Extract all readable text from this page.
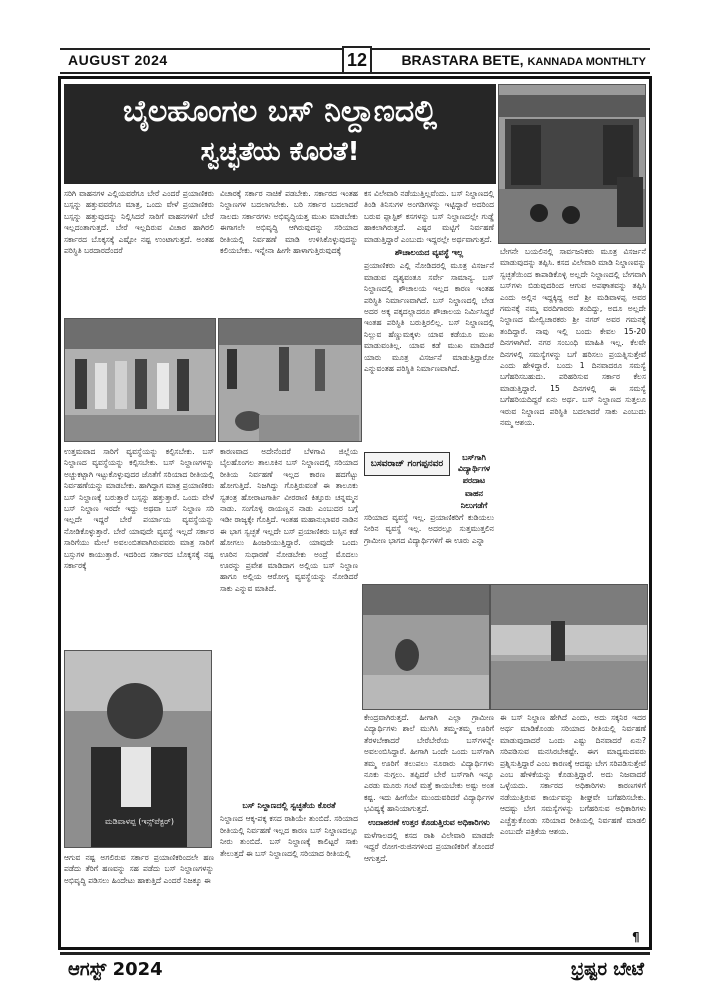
AUGUST 2024	12	BRASTARA BETE, KANNADA MONTHLTY
ಬೈಲಹೊಂಗಲ ಬಸ್ ನಿಲ್ದಾಣದಲ್ಲಿ
ಸ್ವಚ್ಛತೆಯ ಕೊರತೆ!

ಸರಿಗಿ ವಾಹನಗಳ ಎಲ್ಲಿಯವರೆಗೂ ಬೇರೆ ಎಂದರೆ ಪ್ರಯಾಣಿಕರು ಬಸ್ಸನ್ನು ಹತ್ತುವವರೆಗೂ ಮಾತ್ರ, ಒಂದು ವೇಳೆ ಪ್ರಯಾಣಿಕರು ಬಸ್ಸನ್ನು ಹತ್ತುವುದನ್ನು ನಿಲ್ಲಿಸಿದರೆ ಸಾರಿಗೆ ವಾಹನಗಳಿಗೆ ಬೇರೆ ಇಲ್ಲದಂತಾಗುತ್ತದೆ. ಬೇರೆ ಇಲ್ಲದಿರುವ ವಿಚಾರ ಹಾಗಿರಲಿ ಸರ್ಕಾರದ ಬೊಕ್ಕಸಕ್ಕೆ ಎಷ್ಟೋ ನಷ್ಟ ಉಂಟಾಗುತ್ತದೆ. ಅಂತಹ ಪರಿಸ್ಥಿತಿ ಬರದಾರದೆಂದರೆ

ವಿಚಾರಕ್ಕೆ ಸರ್ಕಾರ ನಾಚಿಕೆ ಪಡಬೇಕು. ಸರ್ಕಾರದ ಇಂತಹ ನಿಲ್ದಾಣಗಳ ಬದಲಾಗಬೇಕು. ಬರಿ ಸರ್ಕಾರ ಬದಲಾದರೆ ಸಾಲದು ಸರ್ಕಾರಗಳು ಅಭಿವೃದ್ಧಿಯತ್ತ ಮುಖ ಮಾಡಬೇಕು ಈಗಾಗಲೇ ಅಭಿವೃದ್ಧಿ ಆಗಿರುವುದನ್ನು ಸರಿಯಾದ ರೀತಿಯಲ್ಲಿ ನಿರ್ವಹಣೆ ಮಾಡಿ ಉಳಿಸಿಕೊಳ್ಳುವುದನ್ನು ಕಲಿಯಬೇಕು. ಇನ್ನೇನಾ ಹೀಗೇ ಹಾಳಾಗುತ್ತಿರುವುದಕ್ಕೆ

ಕಸ ವಿಲೇವಾರಿ ನಡೆಯುತ್ತಿಲ್ಲವೆಂದು. ಬಸ್ ನಿಲ್ದಾಣದಲ್ಲಿ ತಿಂಡಿ ತಿನಿಸುಗಳ ಅಂಗಡಿಗಳನ್ನು ಇಟ್ಟಿದ್ದಾರೆ ಅದರಿಂದ ಬರುವ ಪ್ಲಾಸ್ಟಿಕ್ ಕಸಗಳನ್ನು ಬಸ್ ನಿಲ್ದಾಣದಲ್ಲೇ ಗುಡ್ಡೆ ಹಾಕಲಾಗಿರುತ್ತದೆ. ಎಷ್ಟರ ಮಟ್ಟಿಗೆ ನಿರ್ವಹಣೆ ಮಾಡುತ್ತಿದ್ದಾರೆ ಎಂಬುದು ಇದ್ದರಲ್ಲೇ ಅರ್ಥವಾಗುತ್ತದೆ.

ಶೌಚಾಲಯದ ವ್ಯವಸ್ಥೆ ಇಲ್ಲ

ಪ್ರಯಾಣಿಕರು ಎಲ್ಲಿ ನೋಡಿದರಲ್ಲಿ ಮೂತ್ರ ವಿಸರ್ಜನೆ ಮಾಡುವ ದೃಶ್ಯವಂತೂ ಸರ್ವೇ ಸಾಮಾನ್ಯ. ಬಸ್ ನಿಲ್ದಾಣದಲ್ಲಿ ಶೌಚಾಲಯ ಇಲ್ಲದ ಕಾರಣ ಇಂತಹ ಪರಿಸ್ಥಿತಿ ನಿರ್ಮಾಣವಾಗಿದೆ. ಬಸ್ ನಿಲ್ದಾಣದಲ್ಲಿ ಬೇಡ ಅದರ ಅಕ್ಕ ಪಕ್ಕದಲ್ಲಾದರೂ ಶೌಚಾಲಯ ನಿರ್ಮಿಸಿದ್ದರೆ ಇಂತಹ ಪರಿಸ್ಥಿತಿ ಬರುತ್ತಿರಲಿಲ್ಲ. ಬಸ್ ನಿಲ್ದಾಣದಲ್ಲಿ ನಿಲ್ಲುವ ಹೆಣ್ಣುಮಕ್ಕಳು ಯಾವ ಕಡೆಯೂ ಮುಖ ಮಾಡುವಂತಿಲ್ಲ. ಯಾವ ಕಡೆ ಮುಖ ಮಾಡಿದರೆ ಯಾರು ಮೂತ್ರ ವಿಸರ್ಜನೆ ಮಾಡುತ್ತಿದ್ದಾರೋ ಎನ್ನುವಂತಹ ಪರಿಸ್ಥಿತಿ ನಿರ್ಮಾಣವಾಗಿದೆ.

ಬೇಗನೇ ಬಯಲಿನಲ್ಲಿ ಸಾರ್ವಜನಿಕರು ಮೂತ್ರ ವಿಸರ್ಜನೆ ಮಾಡುವುದನ್ನು ತಪ್ಪಿಸಿ. ಕಸದ ವಿಲೇವಾರಿ ಮಾಡಿ ನಿಲ್ದಾಣವನ್ನು ಸ್ವಚ್ಛತೆಯಿಂದ ಕಾಪಾಡಿಕೊಳ್ಳಿ ಅಲ್ಲದೇ ನಿಲ್ದಾಣದಲ್ಲಿ ಬೇಗವಾಗಿ ಬಸ್‌ಗಳು ಬಿಡುವುದರಿಂದ ಆಗುವ ಅಪಘಾತವನ್ನು ತಪ್ಪಿಸಿ ಎಂದು ಅಲ್ಲಿನ ಇದ್ದಕ್ಕಿದ್ದ ಅದೆ ಶ್ರೀ ಮಡಿವಾಳಪ್ಪ ಅವರ ಗಮನಕ್ಕೆ ನಮ್ಮ ವರದಿಗಾರರು ತಂದಿದ್ದು, ಅದೂ ಅಲ್ಲದೇ ನಿಲ್ದಾಣದ ಮೇಲ್ವಿಚಾರಕರು ಶ್ರೀ ನಗರ್ ಅವರ ಗಮನಕ್ಕೆ ತಂದಿದ್ದಾರೆ. ನಾವು ಇಲ್ಲಿ ಬಂದು ಕೇವಲ 15-20 ದಿನಗಳಾಗಿವೆ. ನಗರ ಸಂಬಂಧಿ ಮಾಹಿತಿ ಇಲ್ಲ. ಕೆಲವೇ ದಿನಗಳಲ್ಲಿ ಸಮಸ್ಯೆಗಳನ್ನು ಬಗೆ ಹರಿಸಲು ಪ್ರಯತ್ನಿಸುತ್ತೇವೆ ಎಂದು ಹೇಳಿದ್ದಾರೆ. ಬಂದು 1 ದಿನವಾದರೂ ಸಮಸ್ಯೆ ಬಗೆಹರಿಸಬಹುದು. ಪರಿಹರಿಸುವ ಸರ್ಕಾರ ಕೆಲಸ ಮಾಡುತ್ತಿದ್ದಾರೆ. 15 ದಿನಗಳಲ್ಲಿ ಈ ಸಮಸ್ಯೆ ಬಗೆಹರಿಯದಿದ್ದರೆ ಏನು ಅರ್ಥ. ಬಸ್ ನಿಲ್ದಾಣದ ಸುತ್ತಲೂ ಇರುವ ನಿಲ್ದಾಣದ ಪರಿಸ್ಥಿತಿ ಬದಲಾದರೆ ಸಾಕು ಎಂಬುದು ನಮ್ಮ ಆಶಯ.

ಉತ್ತಮವಾದ ಸಾರಿಗೆ ವ್ಯವಸ್ಥೆಯನ್ನು ಕಲ್ಪಿಸಬೇಕು. ಬಸ್ ನಿಲ್ದಾಣದ ವ್ಯವಸ್ಥೆಯನ್ನು ಕಲ್ಪಿಸಬೇಕು. ಬಸ್ ನಿಲ್ದಾಣಗಳನ್ನು ಅಚ್ಚುಕಟ್ಟಾಗಿ ಇಟ್ಟುಕೊಳ್ಳುವುದರ ಜೊತೆಗೆ ಸರಿಯಾದ ರೀತಿಯಲ್ಲಿ ನಿರ್ವಹಣೆಯನ್ನು ಮಾಡಬೇಕು. ಹಾಗಿದ್ದಾಗ ಮಾತ್ರ ಪ್ರಯಾಣಿಕರು ಬಸ್ ನಿಲ್ದಾಣಕ್ಕೆ ಬರುತ್ತಾರೆ ಬಸ್ಸನ್ನು ಹತ್ತುತ್ತಾರೆ. ಒಂದು ವೇಳೆ ಬಸ್ ನಿಲ್ದಾಣ ಇರದೇ ಇದ್ದು ಅಥವಾ ಬಸ್ ನಿಲ್ದಾಣ ಸರಿ ಇಲ್ಲದೇ ಇದ್ದರೆ ಬೇರೆ ಪರ್ಯಾಯ ವ್ಯವಸ್ಥೆಯನ್ನು ನೋಡಿಕೊಳ್ಳುತ್ತಾರೆ. ಬೇರೆ ಯಾವುದೇ ವ್ಯವಸ್ಥೆ ಇಲ್ಲದೆ ಸರ್ಕಾರ ಸಾರಿಗೆಯು ಮೇಲೆ ಅವಲಂಬಿತವಾಗಿರುವವರು ಮಾತ್ರ ಸಾರಿಗೆ ಬಸ್ಸುಗಳ ಕಾಯುತ್ತಾರೆ. ಇದರಿಂದ ಸರ್ಕಾರದ ಬೊಕ್ಕಸಕ್ಕೆ ನಷ್ಟ ಸರ್ಕಾರಕ್ಕೆ

ಕಾರಣವಾದ ಅದೇನೆಂದರೆ ಬೆಳಗಾವಿ ಜಿಲ್ಲೆಯ ಬೈಲಹೊಂಗಲ ತಾಲೂಕಿನ ಬಸ್ ನಿಲ್ದಾಣದಲ್ಲಿ ಸರಿಯಾದ ರೀತಿಯ ನಿರ್ವಹಣೆ ಇಲ್ಲದ ಕಾರಣ ಹದಗೆಟ್ಟು ಹೋಗುತ್ತಿದೆ. ನಿಜಗಿದ್ದು ಗೊತ್ತಿರುವಂತೆ ಈ ತಾಲೂಕು ಸ್ವತಂತ್ರ ಹೋರಾಟಗಾರ್ತಿ ವೀರರಾಣಿ ಕಿತ್ತೂರು ಚನ್ನಮ್ಮನ ನಾಡು. ಸಂಗೊಳ್ಳಿ ರಾಯಣ್ಣನ ನಾಡು ಎಂಬುದರ ಬಗ್ಗೆ ಇಡೀ ರಾಜ್ಯಕ್ಕೇ ಗೊತ್ತಿದೆ. ಇಂತಹ ಮಹಾನುಭಾವರ ನಾಡಿನ ಈ ಭಾಗ ಸ್ವಚ್ಛತೆ ಇಲ್ಲದೇ ಬಸ್ ಪ್ರಯಾಣಿಕರು ಬಸ್ಸಿನ ಕಡೆ ಹೋಗಲು ಹಿಂಜರಿಯುತ್ತಿದ್ದಾರೆ. ಯಾವುದೇ ಒಂದು ಊರಿನ ಸುಧಾರಣೆ ನೋಡಬೇಕು ಅಂದ್ರೆ ಮೊದಲು ಊರನ್ನು ಪ್ರವೇಶ ಮಾಡಿದಾಗ ಅಲ್ಲಿಯ ಬಸ್ ನಿಲ್ದಾಣ ಹಾಗೂ ಅಲ್ಲಿಯ ಆರೋಗ್ಯ ವ್ಯವಸ್ಥೆಯನ್ನು ನೋಡಿದರೆ ಸಾಕು ಎನ್ನುವ ಮಾತಿದೆ.

ಬಸವರಾಜ್ ಗಂಗಪ್ಪನವರ
ಬಸ್‌ಗಾಗಿ ವಿದ್ಯಾರ್ಥಿಗಳ ಪರದಾಟ
ವಾಹನ ನಿಲುಗಡೆಗೆ

ಸರಿಯಾದ ವ್ಯವಸ್ಥೆ ಇಲ್ಲ. ಪ್ರಯಾಣಿಕರಿಗೆ ಕುಡಿಯಲು ನೀರಿನ ವ್ಯವಸ್ಥೆ ಇಲ್ಲ. ಅದರಲ್ಲೂ ಸುತ್ತಮುತ್ತಲಿನ ಗ್ರಾಮೀಣ ಭಾಗದ ವಿದ್ಯಾರ್ಥಿಗಳಿಗೆ ಈ ಊರು ಎನ್ನಾ

ಮಡಿವಾಳಪ್ಪ (ಇನ್ಸ್‌ಪೆಕ್ಟರ್)

ಆಗುವ ನಷ್ಟ ಅಗಲಿರುವ ಸರ್ಕಾರ ಪ್ರಯಾಣಿಕರಿಂದಲೇ ಹಣ ಪಡೆದು ತೆರಿಗೆ ಹಣವನ್ನು ಸಹ ಪಡೆದು ಬಸ್ ನಿಲ್ದಾಣಗಳನ್ನು ಅಭಿವೃದ್ಧಿ ಪಡಿಸಲು ಹಿಂದೇಟು ಹಾಕುತ್ತಿದೆ ಎಂದರೆ ನಿಜಕ್ಕೂ ಈ

ಬಸ್ ನಿಲ್ದಾಣದಲ್ಲಿ ಸ್ವಚ್ಛತೆಯ ಕೊರತೆ

ನಿಲ್ದಾಣದ ಆಕ್ಕ-ಪಕ್ಕ ಕಸದ ರಾಶಿಯೇ ತುಂಬಿದೆ. ಸರಿಯಾದ ರೀತಿಯಲ್ಲಿ ನಿರ್ವಹಣೆ ಇಲ್ಲದ ಕಾರಣ ಬಸ್ ನಿಲ್ದಾಣದಲ್ಲೂ ನೀರು ತುಂಬಿದೆ. ಬಸ್ ನಿಲ್ದಾಣಕ್ಕೆ ಕಾಲಿಟ್ಟರೆ ಸಾಕು ತೇಲುತ್ತದೆ ಈ ಬಸ್ ನಿಲ್ದಾಣದಲ್ಲಿ ಸರಿಯಾದ ರೀತಿಯಲ್ಲಿ

ಕೇಂದ್ರವಾಗಿರುತ್ತದೆ. ಹೀಗಾಗಿ ಎಲ್ಲಾ ಗ್ರಾಮೀಣ ವಿದ್ಯಾರ್ಥಿಗಳು ಶಾಲೆ ಮುಗಿಸಿ ತಮ್ಮ-ತಮ್ಮ ಊರಿಗೆ ತೆರಳಬೇಕಾದರೆ ಬೇರೆಬೇರೆಯ ಬಸ್‌ಗಳನ್ನೇ ಅವಲಂಬಿಸಿದ್ದಾರೆ. ಹೀಗಾಗಿ ಒಂದೇ ಒಂದು ಬಸ್‌ಗಾಗಿ ತಮ್ಮ ಊರಿಗೆ ತಲುಪಲು ನೂರಾರು ವಿದ್ಯಾರ್ಥಿಗಳು ನೂಕು ನುಗ್ಗಲು. ತಪ್ಪಿದರೆ ಬೇರೆ ಬಸ್‌ಗಾಗಿ ಇನ್ನೂ ಎರಡು ಮೂರು ಗಂಟೆ ಮತ್ತೆ ಕಾಯಬೇಕು ಅಷ್ಟು ಅಂತ ಕಷ್ಟ. ಇದು ಹೀಗೆಯೇ ಮುಂದುವರಿದರೆ ವಿದ್ಯಾರ್ಥಿಗಳ ಭವಿಷ್ಯಕ್ಕೆ ಹಾನಿಯಾಗುತ್ತದೆ.

ಉದಾಹರಣೆ ಉತ್ತರ ಕೊಡುತ್ತಿರುವ ಅಧಿಕಾರಿಗಳು

ಮಳೆಗಾಲದಲ್ಲಿ ಕಸದ ರಾಶಿ ವಿಲೇವಾರಿ ಮಾಡದೇ ಇದ್ದರೆ ರೋಗ-ರುಜಿನಗಳಿಂದ ಪ್ರಯಾಣಿಕರಿಗೆ ತೊಂದರೆ ಆಗುತ್ತದೆ.

ಈ ಬಸ್ ನಿಲ್ದಾಣ ಹೇಗಿದೆ ಎಂದು, ಅದು ಸಕ್ಕನಿರ ಇದರ ಅರ್ಥ ಮಾಡಿಕೊಂಡು ಸರಿಯಾದ ರೀತಿಯಲ್ಲಿ ನಿರ್ವಹಣೆ ಮಾಡುವುದಾದರೆ ಒಂದು ಎಷ್ಟು ದಿನವಾದರೆ ಏನು? ಸರಿಪಡಿಸುವ ಮನಸಿರಬೇಕಷ್ಟೇ. ಈಗ ಮಾಧ್ಯಮದವರು ಪ್ರಶ್ನಿಸುತ್ತಿದ್ದಾರೆ ಎಂಬ ಕಾರಣಕ್ಕೆ ಆದಷ್ಟು ಬೇಗ ಸರಿಪಡಿಸುತ್ತೇವೆ ಎಂಬ ಹೇಳಿಕೆಯನ್ನು ಕೊಡುತ್ತಿದ್ದಾರೆ. ಅದು ನಿಜವಾದರೆ ಒಳ್ಳೆಯದು. ಸರ್ಕಾರದ ಅಧಿಕಾರಿಗಳು ಕಾರಣಗಳಿಗೆ ನಡೆಯುತ್ತಿರುವ ಕಾರ್ಯವನ್ನು ಶೀಘ್ರವೇ ಬಗೆಹರಿಸಬೇಕು. ಆದಷ್ಟು ಬೇಗ ಸಮಸ್ಯೆಗಳನ್ನು ಬಗೆಹರಿಸುವ ಅಧಿಕಾರಿಗಳು ಎಚ್ಚೆತ್ತುಕೊಂಡು ಸರಿಯಾದ ರೀತಿಯಲ್ಲಿ ನಿರ್ವಹಣೆ ಮಾಡಲಿ ಎಂಬುದೇ ಪತ್ರಿಕೆಯ ಆಶಯ.

¶
ಆಗಸ್ಟ್ 2024	ಭ್ರಷ್ಟರ ಬೇಟೆ
